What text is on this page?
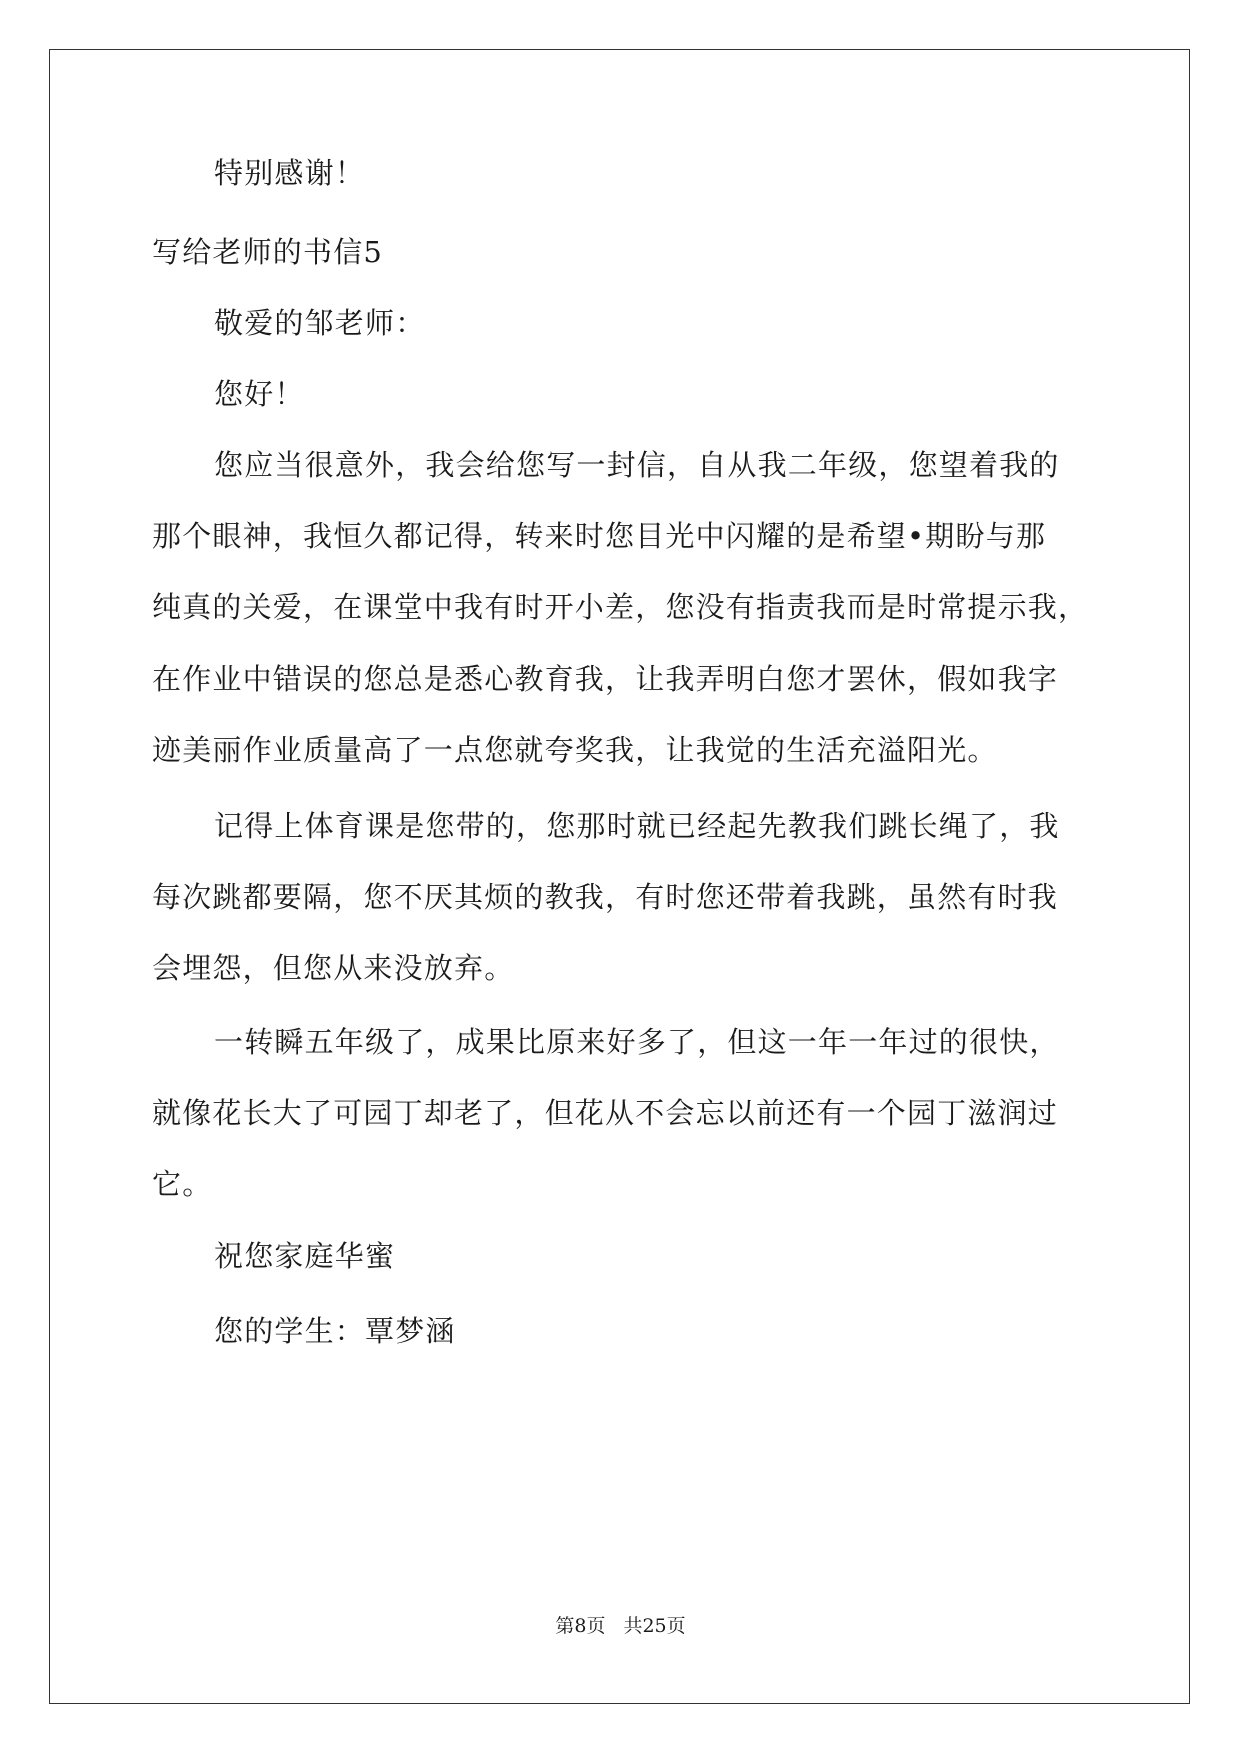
特别感谢！
写给老师的书信5
敬爱的邹老师：
您好！
您应当很意外，我会给您写一封信，自从我二年级，您望着我的
那个眼神，我恒久都记得，转来时您目光中闪耀的是希望•期盼与那
纯真的关爱，在课堂中我有时开小差，您没有指责我而是时常提示我，
在作业中错误的您总是悉心教育我，让我弄明白您才罢休，假如我字
迹美丽作业质量高了一点您就夸奖我，让我觉的生活充溢阳光。
记得上体育课是您带的，您那时就已经起先教我们跳长绳了，我
每次跳都要隔，您不厌其烦的教我，有时您还带着我跳，虽然有时我
会埋怨，但您从来没放弃。
一转瞬五年级了，成果比原来好多了，但这一年一年过的很快，
就像花长大了可园丁却老了，但花从不会忘以前还有一个园丁滋润过
它。
祝您家庭华蜜
您的学生：覃梦涵
第8页 共25页
